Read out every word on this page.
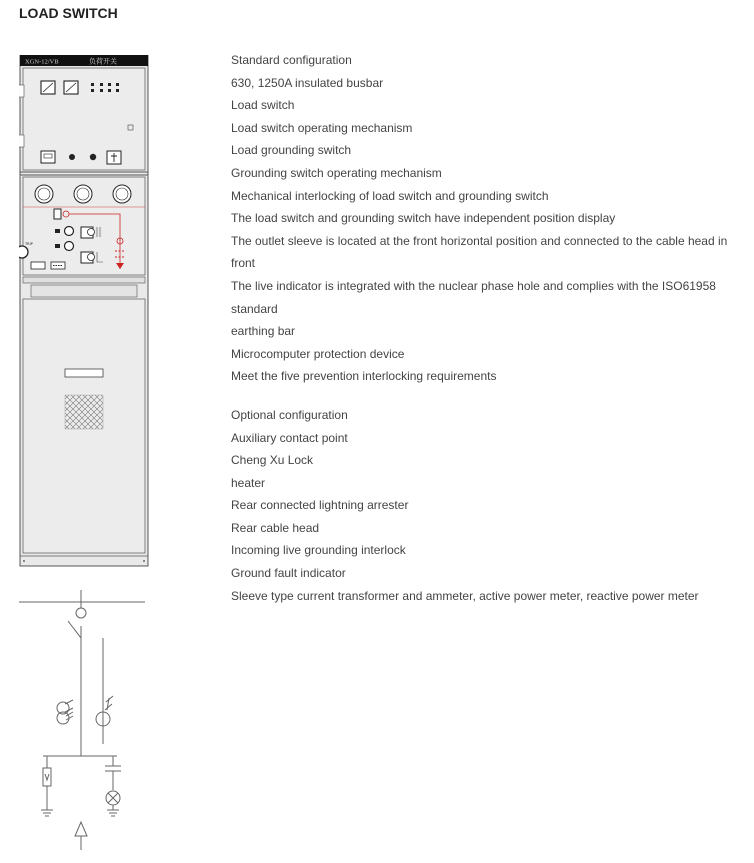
LOAD SWITCH
XGN-12/VB	负荷开关
TRIP
Standard configuration
630, 1250A insulated busbar
Load switch
Load switch operating mechanism
Load grounding switch
Grounding switch operating mechanism
Mechanical interlocking of load switch and grounding switch
The load switch and grounding switch have independent position display
The outlet sleeve is located at the front horizontal position and connected to the cable head in front
The live indicator is integrated with the nuclear phase hole and complies with the ISO61958 standard
earthing bar
Microcomputer protection device
Meet the five prevention interlocking requirements
Optional configuration
Auxiliary contact point
Cheng Xu Lock
heater
Rear connected lightning arrester
Rear cable head
Incoming live grounding interlock
Ground fault indicator
Sleeve type current transformer and ammeter, active power meter, reactive power meter
